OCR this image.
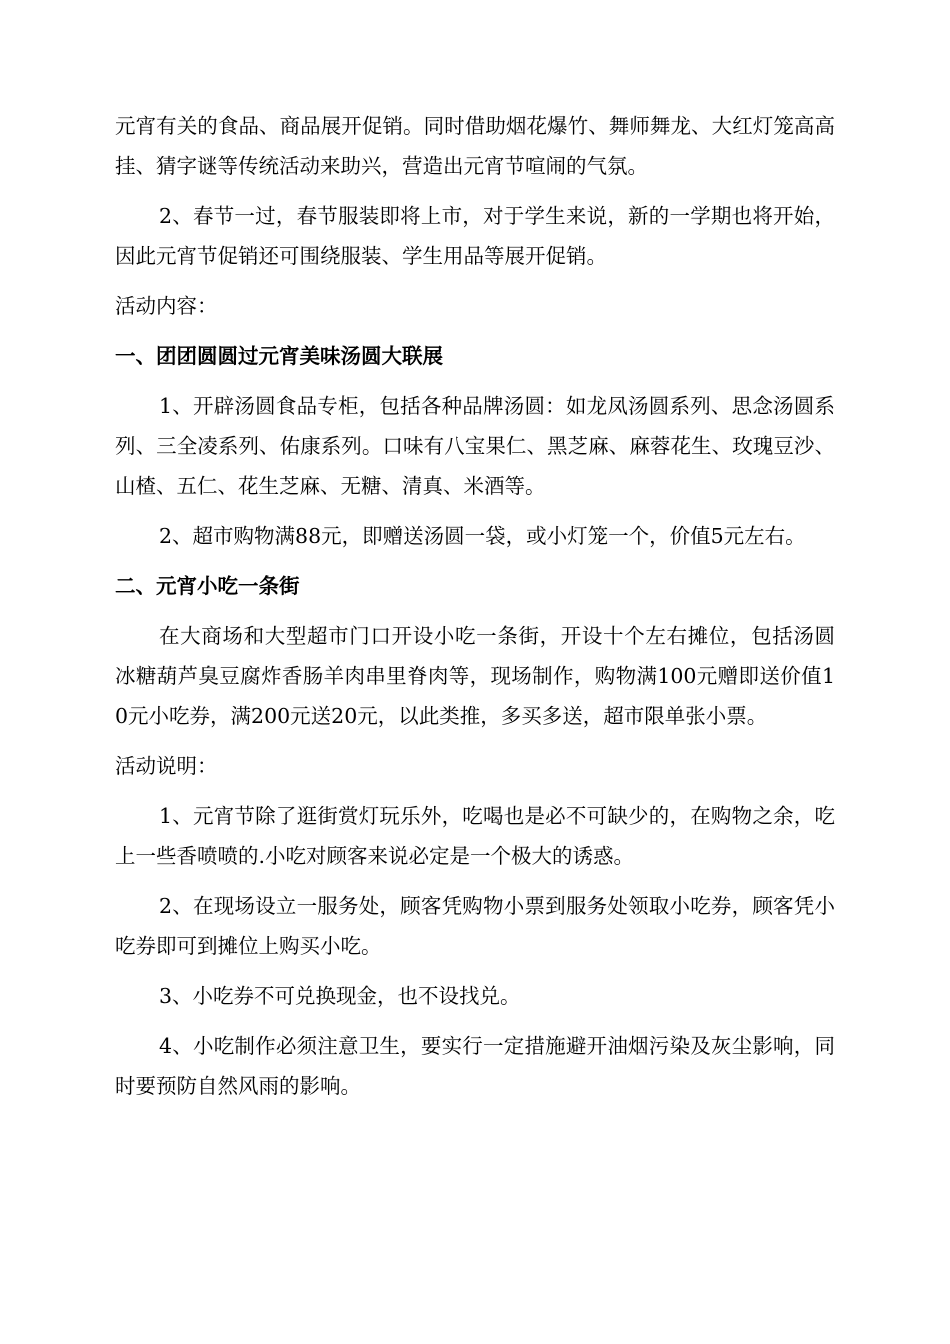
元宵有关的食品、商品展开促销。同时借助烟花爆竹、舞师舞龙、大红灯笼高高挂、猜字谜等传统活动来助兴，营造出元宵节喧闹的气氛。

2、春节一过，春节服装即将上市，对于学生来说，新的一学期也将开始，因此元宵节促销还可围绕服装、学生用品等展开促销。

活动内容：

一、团团圆圆过元宵美味汤圆大联展

1、开辟汤圆食品专柜，包括各种品牌汤圆：如龙凤汤圆系列、思念汤圆系列、三全凌系列、佑康系列。口味有八宝果仁、黑芝麻、麻蓉花生、玫瑰豆沙、山楂、五仁、花生芝麻、无糖、清真、米酒等。

2、超市购物满88元，即赠送汤圆一袋，或小灯笼一个，价值5元左右。

二、元宵小吃一条街

在大商场和大型超市门口开设小吃一条街，开设十个左右摊位，包括汤圆冰糖葫芦臭豆腐炸香肠羊肉串里脊肉等，现场制作，购物满100元赠即送价值10元小吃券，满200元送20元，以此类推，多买多送，超市限单张小票。

活动说明：

1、元宵节除了逛街赏灯玩乐外，吃喝也是必不可缺少的，在购物之余，吃上一些香喷喷的.小吃对顾客来说必定是一个极大的诱惑。

2、在现场设立一服务处，顾客凭购物小票到服务处领取小吃券，顾客凭小吃券即可到摊位上购买小吃。

3、小吃券不可兑换现金，也不设找兑。

4、小吃制作必须注意卫生，要实行一定措施避开油烟污染及灰尘影响，同时要预防自然风雨的影响。
